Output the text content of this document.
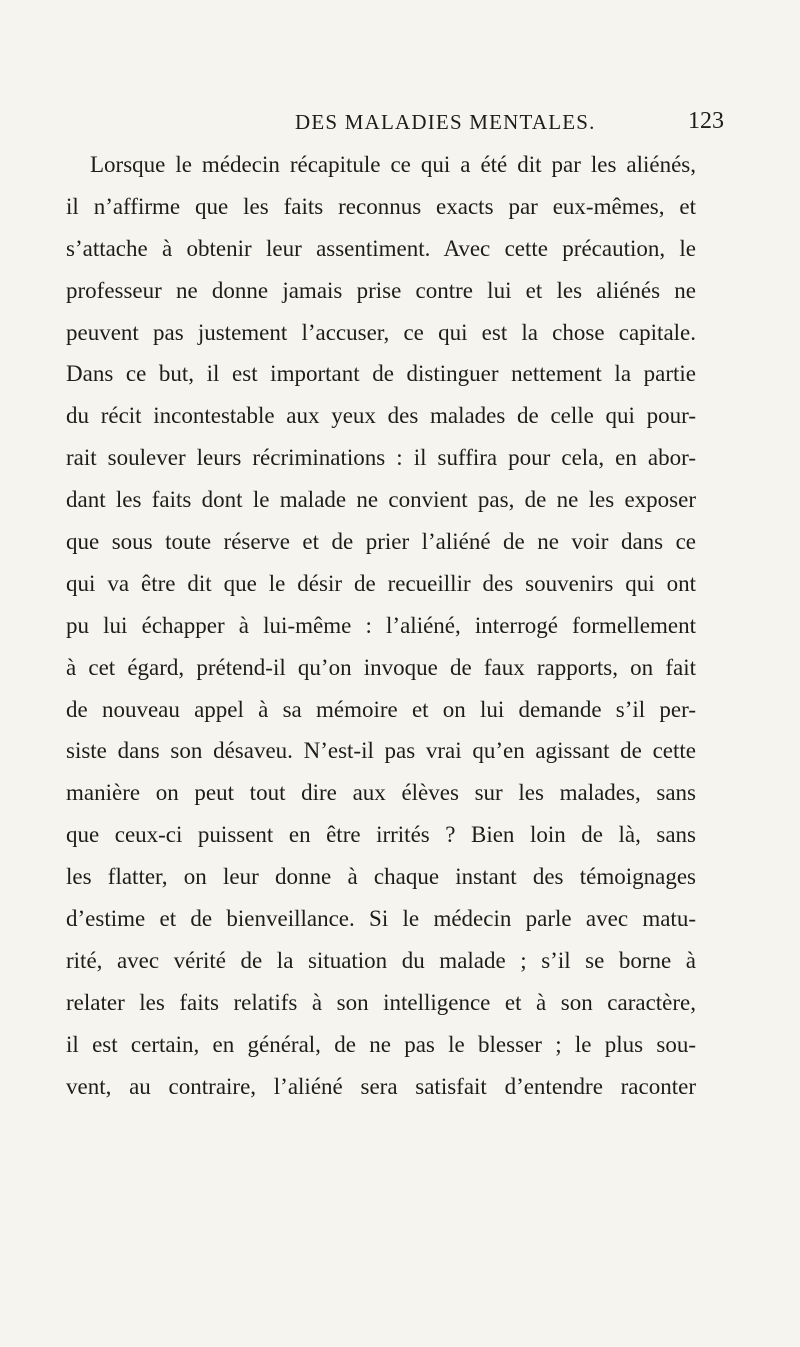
DES MALADIES MENTALES.	123
Lorsque le médecin récapitule ce qui a été dit par les aliénés,
il n’affirme que les faits reconnus exacts par eux-mêmes, et
s’attache à obtenir leur assentiment. Avec cette précaution, le
professeur ne donne jamais prise contre lui et les aliénés ne
peuvent pas justement l’accuser, ce qui est la chose capitale.
Dans ce but, il est important de distinguer nettement la partie
du récit incontestable aux yeux des malades de celle qui pour-
rait soulever leurs récriminations : il suffira pour cela, en abor-
dant les faits dont le malade ne convient pas, de ne les exposer
que sous toute réserve et de prier l’aliéné de ne voir dans ce
qui va être dit que le désir de recueillir des souvenirs qui ont
pu lui échapper à lui-même : l’aliéné, interrogé formellement
à cet égard, prétend-il qu’on invoque de faux rapports, on fait
de nouveau appel à sa mémoire et on lui demande s’il per-
siste dans son désaveu. N’est-il pas vrai qu’en agissant de cette
manière on peut tout dire aux élèves sur les malades, sans
que ceux-ci puissent en être irrités ? Bien loin de là, sans
les flatter, on leur donne à chaque instant des témoignages
d’estime et de bienveillance. Si le médecin parle avec matu-
rité, avec vérité de la situation du malade ; s’il se borne à
relater les faits relatifs à son intelligence et à son caractère,
il est certain, en général, de ne pas le blesser ; le plus sou-
vent, au contraire, l’aliéné sera satisfait d’entendre raconter
